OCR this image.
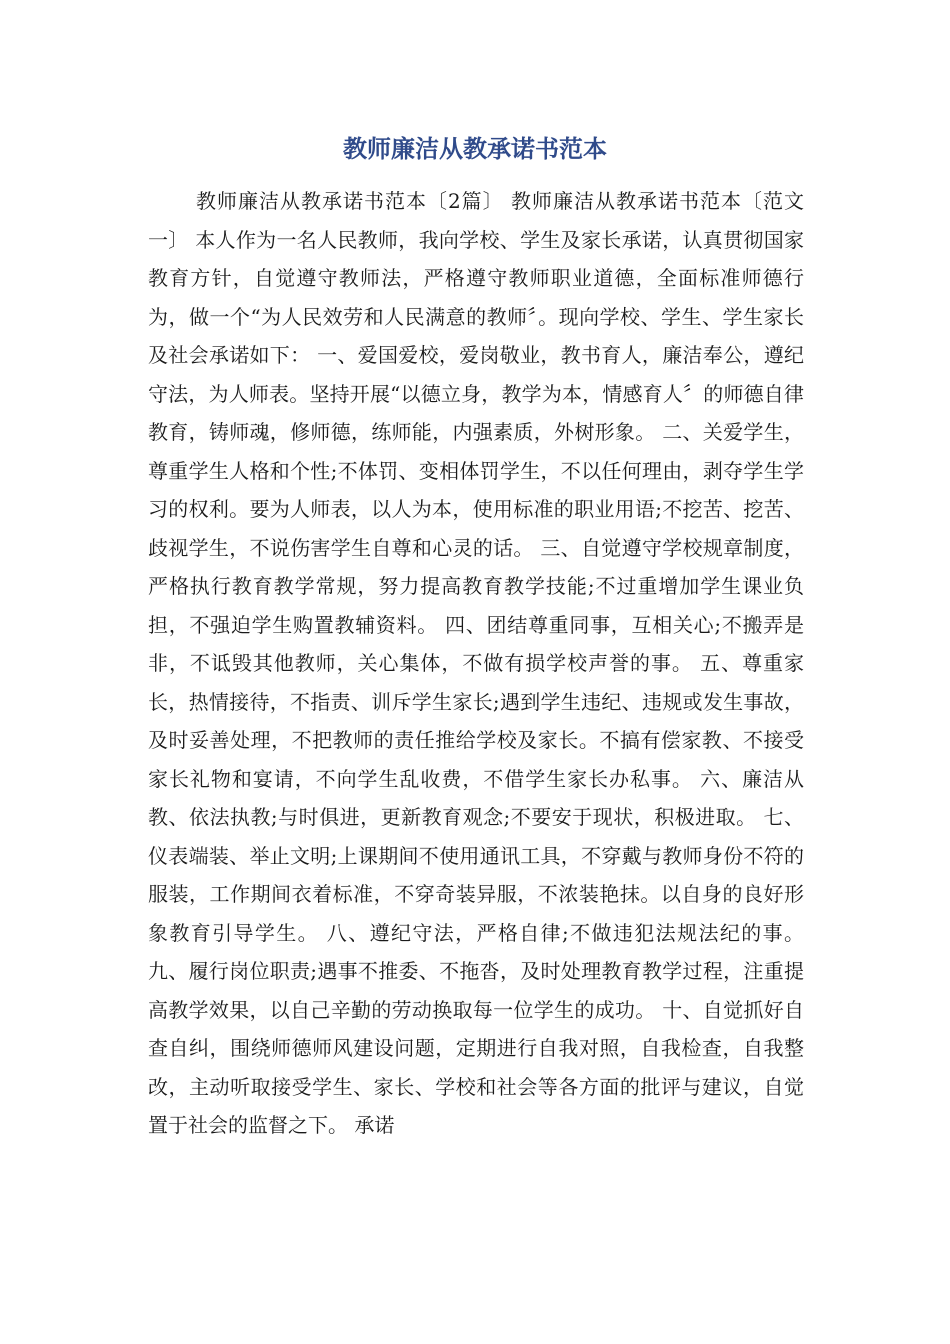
教师廉洁从教承诺书范本

教师廉洁从教承诺书范本〔2篇〕 教师廉洁从教承诺书范本〔范文一〕 本人作为一名人民教师，我向学校、学生及家长承诺，认真贯彻国家教育方针，自觉遵守教师法，严格遵守教师职业道德，全面标准师德行为，做一个“为人民效劳和人民满意的教师〞。现向学校、学生、学生家长及社会承诺如下： 一、爱国爱校，爱岗敬业，教书育人，廉洁奉公，遵纪守法，为人师表。坚持开展“以德立身，教学为本，情感育人〞的师德自律教育，铸师魂，修师德，练师能，内强素质，外树形象。 二、关爱学生，尊重学生人格和个性;不体罚、变相体罚学生，不以任何理由，剥夺学生学习的权利。要为人师表，以人为本，使用标准的职业用语;不挖苦、挖苦、歧视学生，不说伤害学生自尊和心灵的话。 三、自觉遵守学校规章制度，严格执行教育教学常规，努力提高教育教学技能;不过重增加学生课业负担，不强迫学生购置教辅资料。 四、团结尊重同事，互相关心;不搬弄是非，不诋毁其他教师，关心集体，不做有损学校声誉的事。 五、尊重家长，热情接待，不指责、训斥学生家长;遇到学生违纪、违规或发生事故，及时妥善处理，不把教师的责任推给学校及家长。不搞有偿家教、不接受家长礼物和宴请，不向学生乱收费，不借学生家长办私事。 六、廉洁从教、依法执教;与时俱进，更新教育观念;不要安于现状，积极进取。 七、仪表端装、举止文明;上课期间不使用通讯工具，不穿戴与教师身份不符的服装，工作期间衣着标准，不穿奇装异服，不浓装艳抹。以自身的良好形象教育引导学生。 八、遵纪守法，严格自律;不做违犯法规法纪的事。 九、履行岗位职责;遇事不推委、不拖沓，及时处理教育教学过程，注重提高教学效果，以自己辛勤的劳动换取每一位学生的成功。 十、自觉抓好自查自纠，围绕师德师风建设问题，定期进行自我对照，自我检查，自我整改，主动听取接受学生、家长、学校和社会等各方面的批评与建议，自觉置于社会的监督之下。 承诺
